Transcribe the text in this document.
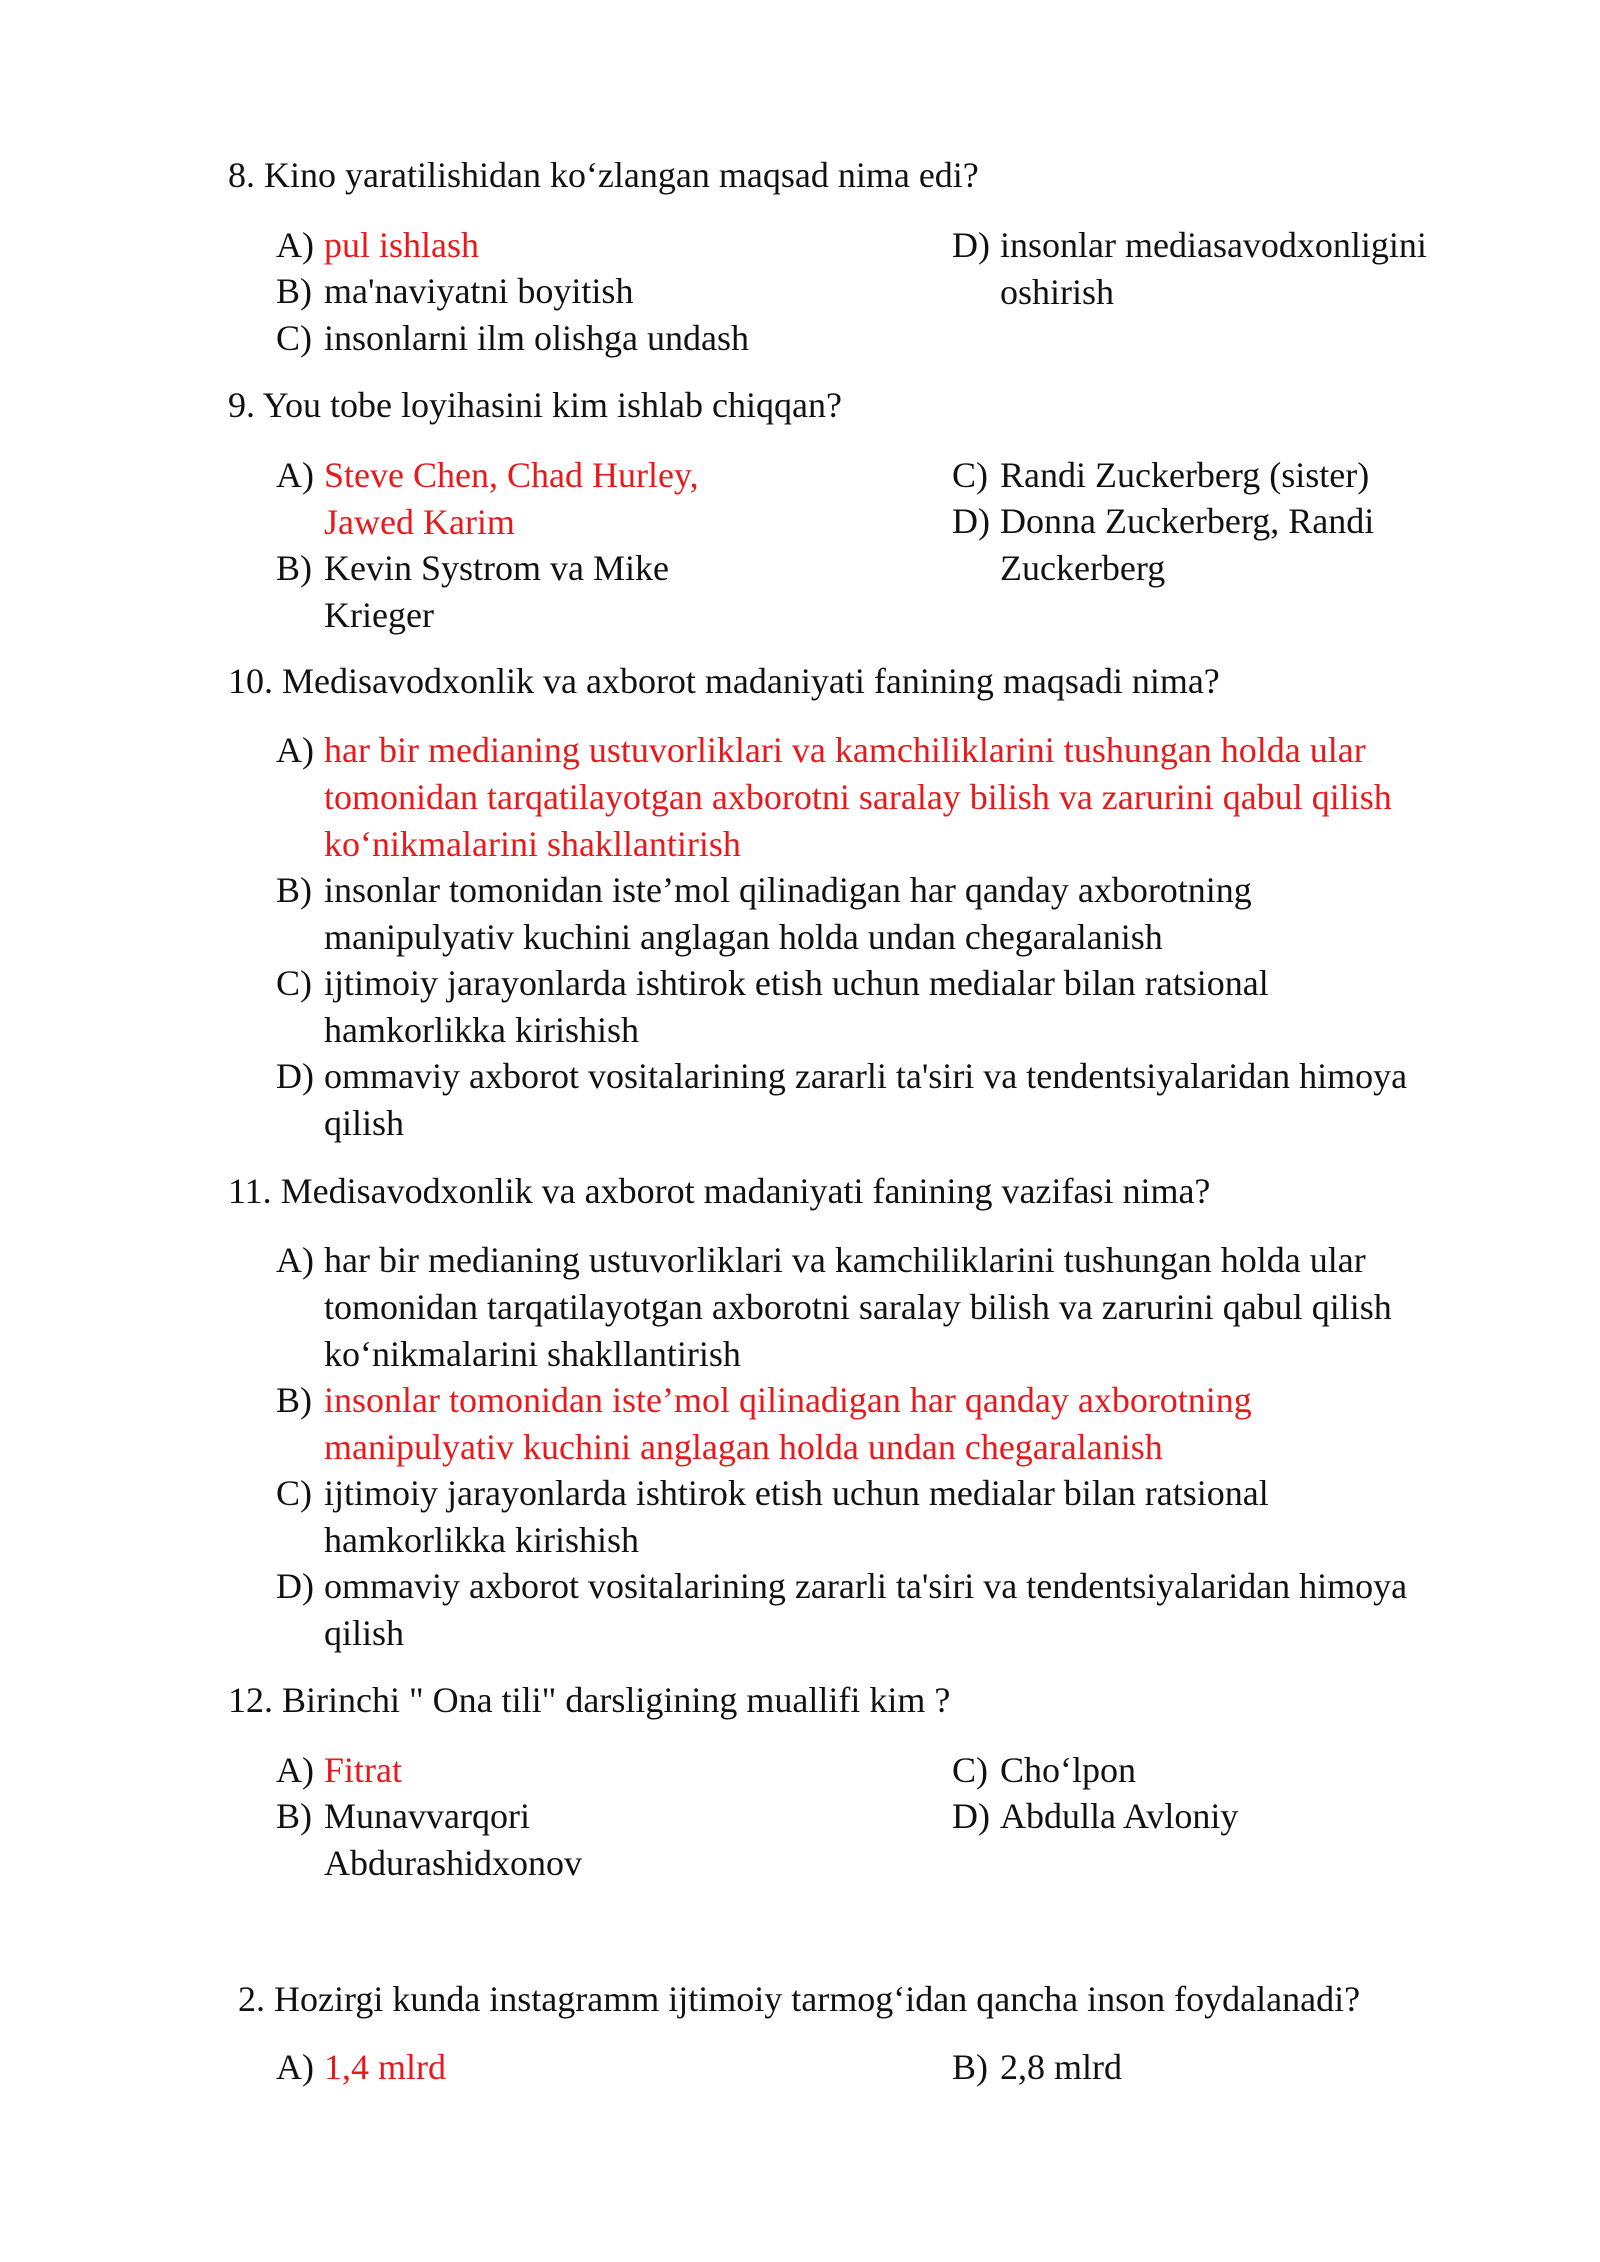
8. Kino yaratilishidan ko‘zlangan maqsad nima edi?
A) pul ishlash
B) ma'naviyatni boyitish
C) insonlarni ilm olishga undash
D) insonlar mediasavodxonligini oshirish
9. You tobe loyihasini kim ishlab chiqqan?
A) Steve Chen, Chad Hurley, Jawed Karim
B) Kevin Systrom va Mike Krieger
C) Randi Zuckerberg (sister)
D) Donna Zuckerberg, Randi Zuckerberg
10. Medisavodxonlik va axborot madaniyati fanining maqsadi nima?
A) har bir medianing ustuvorliklari va kamchiliklarini tushungan holda ular tomonidan tarqatilayotgan axborotni saralay bilish va zarurini qabul qilish ko‘nikmalarini shakllantirish
B) insonlar tomonidan iste’mol qilinadigan har qanday axborotning manipulyativ kuchini anglagan holda undan chegaralanish
C) ijtimoiy jarayonlarda ishtirok etish uchun medialar bilan ratsional hamkorlikka kirishish
D) ommaviy axborot vositalarining zararli ta'siri va tendentsiyalaridan himoya qilish
11. Medisavodxonlik va axborot madaniyati fanining vazifasi nima?
A) har bir medianing ustuvorliklari va kamchiliklarini tushungan holda ular tomonidan tarqatilayotgan axborotni saralay bilish va zarurini qabul qilish ko‘nikmalarini shakllantirish
B) insonlar tomonidan iste’mol qilinadigan har qanday axborotning manipulyativ kuchini anglagan holda undan chegaralanish
C) ijtimoiy jarayonlarda ishtirok etish uchun medialar bilan ratsional hamkorlikka kirishish
D) ommaviy axborot vositalarining zararli ta'siri va tendentsiyalaridan himoya qilish
12. Birinchi " Ona tili" darsligining muallifi kim ?
A) Fitrat
B) Munavvarqori Abdurashidxonov
C) Cho‘lpon
D) Abdulla Avloniy
2. Hozirgi kunda instagramm ijtimoiy tarmog‘idan qancha inson foydalanadi?
A) 1,4 mlrd	B) 2,8 mlrd
